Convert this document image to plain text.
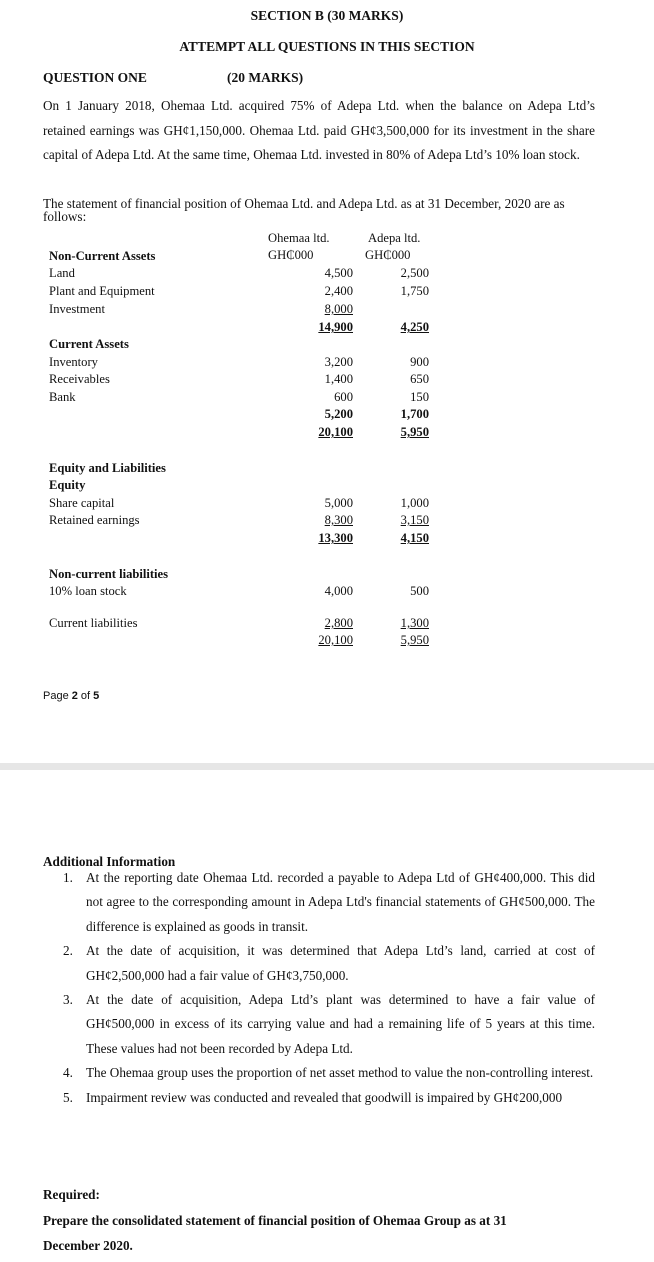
SECTION B (30 MARKS)
ATTEMPT ALL QUESTIONS IN THIS SECTION
QUESTION ONE	(20 MARKS)
On 1 January 2018, Ohemaa Ltd. acquired 75% of Adepa Ltd. when the balance on Adepa Ltd’s retained earnings was GH¢1,150,000. Ohemaa Ltd. paid GH¢3,500,000 for its investment in the share capital of Adepa Ltd. At the same time, Ohemaa Ltd. invested in 80% of Adepa Ltd’s 10% loan stock.
The statement of financial position of Ohemaa Ltd. and Adepa Ltd. as at 31 December, 2020 are as follows:
Ohemaa ltd.	Adepa ltd.
GH₵000	GH₵000
Non-Current Assets
Land	4,500	2,500
Plant and Equipment	2,400	1,750
Investment	8,000
14,900	4,250
Current Assets
Inventory	3,200	900
Receivables	1,400	650
Bank	600	150
5,200	1,700
20,100	5,950
Equity and Liabilities
Equity
Share capital	5,000	1,000
Retained earnings	8,300	3,150
13,300	4,150
Non-current liabilities
10% loan stock	4,000	500
Current liabilities	2,800	1,300
20,100	5,950
Page 2 of 5
Additional Information
1. At the reporting date Ohemaa Ltd. recorded a payable to Adepa Ltd of GH¢400,000. This did not agree to the corresponding amount in Adepa Ltd's financial statements of GH¢500,000. The difference is explained as goods in transit.
2. At the date of acquisition, it was determined that Adepa Ltd’s land, carried at cost of GH¢2,500,000 had a fair value of GH¢3,750,000.
3. At the date of acquisition, Adepa Ltd’s plant was determined to have a fair value of GH¢500,000 in excess of its carrying value and had a remaining life of 5 years at this time. These values had not been recorded by Adepa Ltd.
4. The Ohemaa group uses the proportion of net asset method to value the non-controlling interest.
5. Impairment review was conducted and revealed that goodwill is impaired by GH¢200,000
Required:
Prepare the consolidated statement of financial position of Ohemaa Group as at 31 December 2020.
